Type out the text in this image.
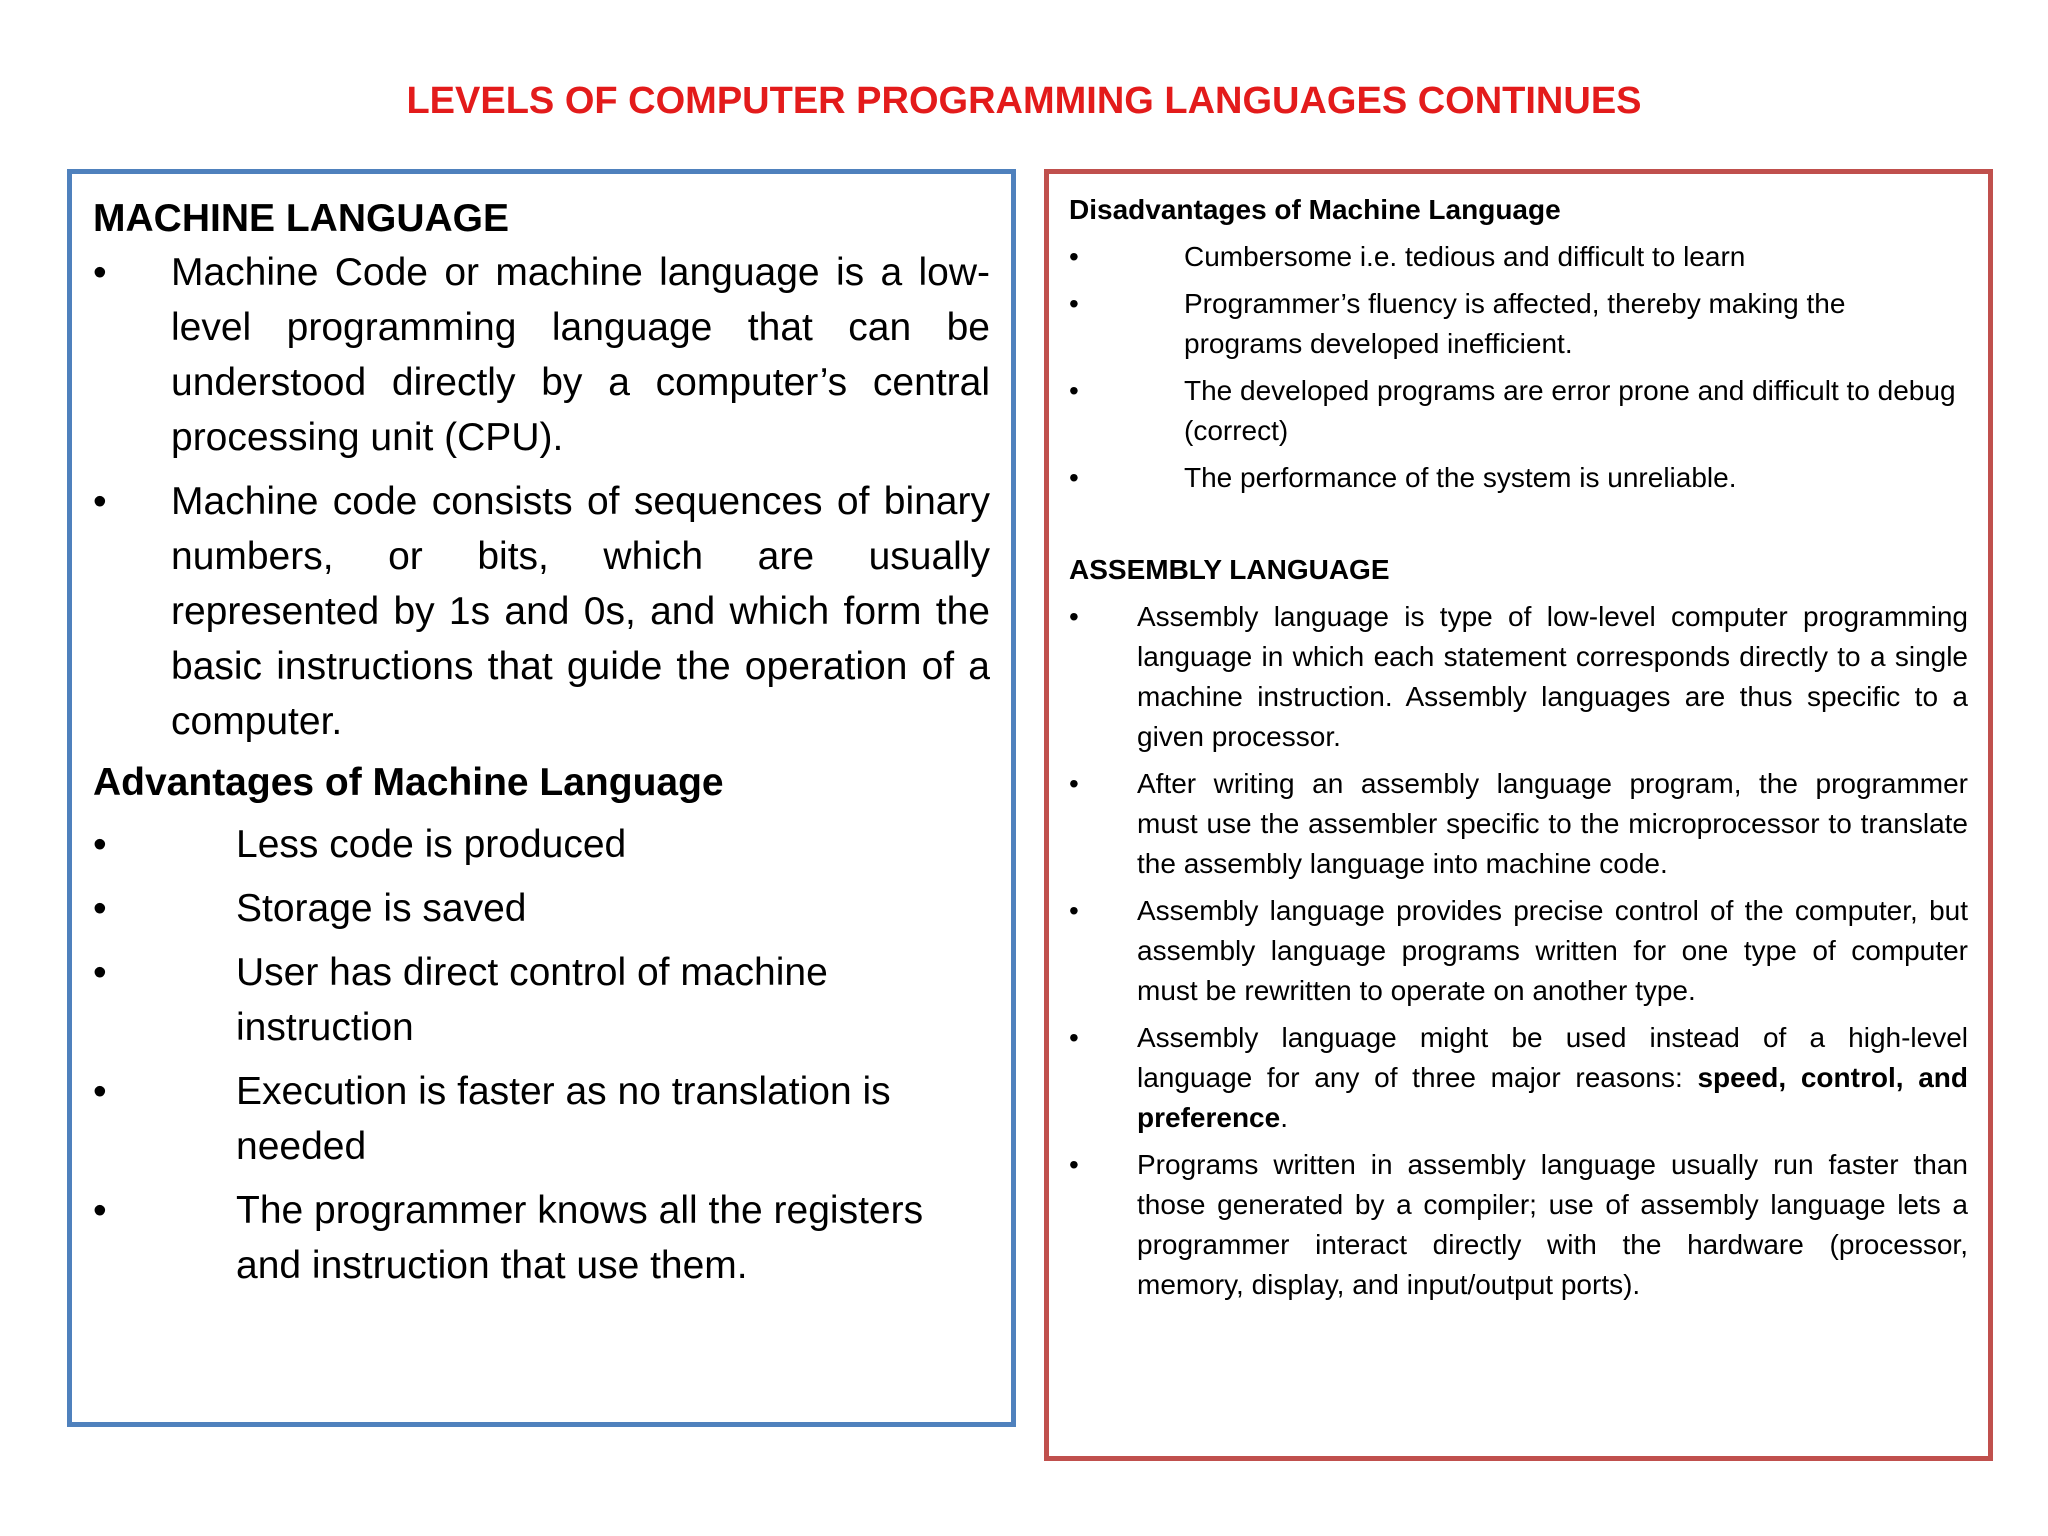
LEVELS OF COMPUTER PROGRAMMING LANGUAGES CONTINUES
MACHINE LANGUAGE
• Machine Code or machine language is a low-level programming language that can be understood directly by a computer’s central processing unit (CPU).
• Machine code consists of sequences of binary numbers, or bits, which are usually represented by 1s and 0s, and which form the basic instructions that guide the operation of a computer.
Advantages of Machine Language
•	Less code is produced
•	Storage is saved
•	User has direct control of machine instruction
•	Execution is faster as no translation is needed
•	The programmer knows all the registers and instruction that use them.
Disadvantages of Machine Language
•	Cumbersome i.e. tedious and difficult to learn
•	Programmer’s fluency is affected, thereby making the programs developed inefficient.
•	The developed programs are error prone and difficult to debug (correct)
•	The performance of the system is unreliable.
ASSEMBLY LANGUAGE
• Assembly language is type of low-level computer programming language in which each statement corresponds directly to a single machine instruction. Assembly languages are thus specific to a given processor.
• After writing an assembly language program, the programmer must use the assembler specific to the microprocessor to translate the assembly language into machine code.
• Assembly language provides precise control of the computer, but assembly language programs written for one type of computer must be rewritten to operate on another type.
• Assembly language might be used instead of a high-level language for any of three major reasons: speed, control, and preference.
• Programs written in assembly language usually run faster than those generated by a compiler; use of assembly language lets a programmer interact directly with the hardware (processor, memory, display, and input/output ports).
